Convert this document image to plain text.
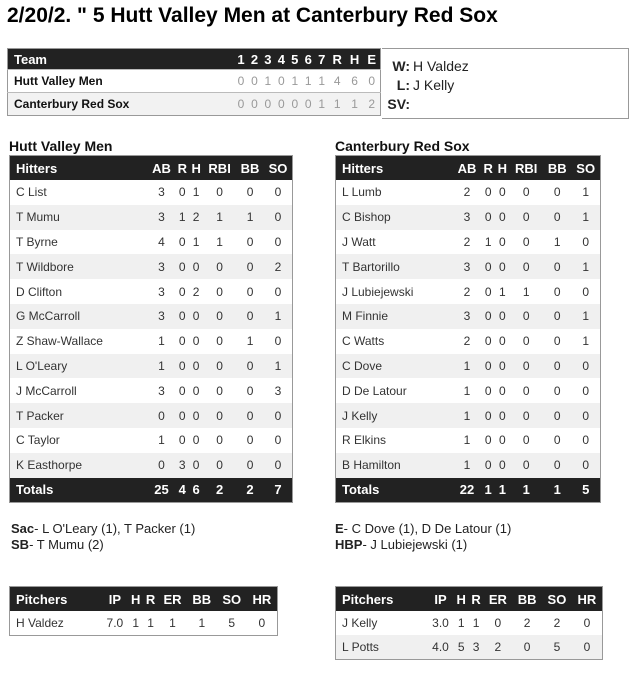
2/20/2. " 5 Hutt Valley Men at Canterbury Red Sox
Team	1	2	3	4	5	6	7	R	H	E
Hutt Valley Men	0	0	1	0	1	1	1	4	6	0
Canterbury Red Sox	0	0	0	0	0	0	1	1	1	2
W: H Valdez
L: J Kelly
SV:
Hutt Valley Men
Hitters	AB	R	H	RBI	BB	SO
C List	3	0	1	0	0	0
T Mumu	3	1	2	1	1	0
T Byrne	4	0	1	1	0	0
T Wildbore	3	0	0	0	0	2
D Clifton	3	0	2	0	0	0
G McCarroll	3	0	0	0	0	1
Z Shaw-Wallace	1	0	0	0	1	0
L O'Leary	1	0	0	0	0	1
J McCarroll	3	0	0	0	0	3
T Packer	0	0	0	0	0	0
C Taylor	1	0	0	0	0	0
K Easthorpe	0	3	0	0	0	0
Totals	25	4	6	2	2	7
Sac- L O'Leary (1), T Packer (1)
SB- T Mumu (2)
Pitchers	IP	H	R	ER	BB	SO	HR
H Valdez	7.0	1	1	1	1	5	0
Canterbury Red Sox
Hitters	AB	R	H	RBI	BB	SO
L Lumb	2	0	0	0	0	1
C Bishop	3	0	0	0	0	1
J Watt	2	1	0	0	1	0
T Bartorillo	3	0	0	0	0	1
J Lubiejewski	2	0	1	1	0	0
M Finnie	3	0	0	0	0	1
C Watts	2	0	0	0	0	1
C Dove	1	0	0	0	0	0
D De Latour	1	0	0	0	0	0
J Kelly	1	0	0	0	0	0
R Elkins	1	0	0	0	0	0
B Hamilton	1	0	0	0	0	0
Totals	22	1	1	1	1	5
E- C Dove (1), D De Latour (1)
HBP- J Lubiejewski (1)
Pitchers	IP	H	R	ER	BB	SO	HR
J Kelly	3.0	1	1	0	2	2	0
L Potts	4.0	5	3	2	0	5	0
